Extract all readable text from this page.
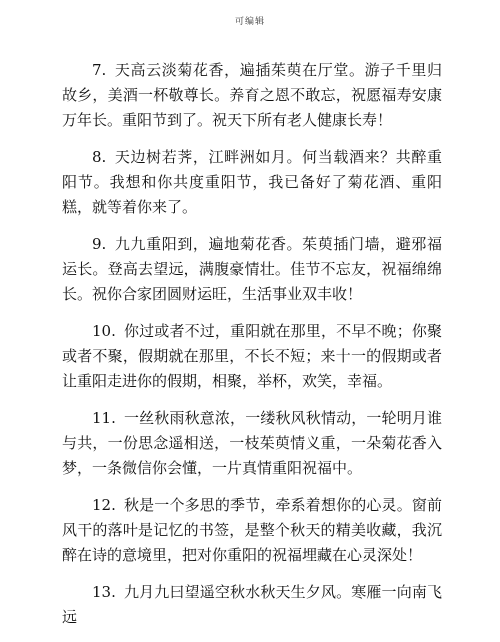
可编辑

7. 天高云淡菊花香，遍插茱萸在厅堂。游子千里归故乡，美酒一杯敬尊长。养育之恩不敢忘，祝愿福寿安康万年长。重阳节到了。祝天下所有老人健康长寿！

8. 天边树若荠，江畔洲如月。何当载酒来？共醉重阳节。我想和你共度重阳节，我已备好了菊花酒、重阳糕，就等着你来了。

9. 九九重阳到，遍地菊花香。茱萸插门墙，避邪福运长。登高去望远，满腹豪情壮。佳节不忘友，祝福绵绵长。祝你合家团圆财运旺，生活事业双丰收！

10. 你过或者不过，重阳就在那里，不早不晚；你聚或者不聚，假期就在那里，不长不短；来十一的假期或者让重阳走进你的假期，相聚，举杯，欢笑，幸福。

11. 一丝秋雨秋意浓，一缕秋风秋情动，一轮明月谁与共，一份思念遥相送，一枝茱萸情义重，一朵菊花香入梦，一条微信你会懂，一片真情重阳祝福中。

12. 秋是一个多思的季节，牵系着想你的心灵。窗前风干的落叶是记忆的书签，是整个秋天的精美收藏，我沉醉在诗的意境里，把对你重阳的祝福埋藏在心灵深处！

13. 九月九曰望遥空秋水秋天生夕风。寒雁一向南飞远
